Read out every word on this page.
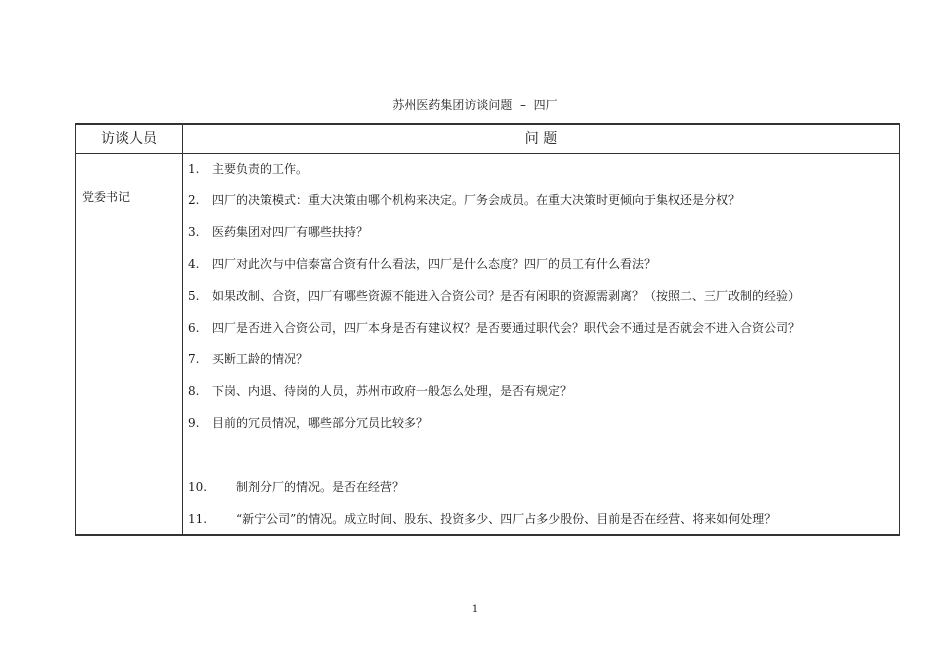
苏州医药集团访谈问题  –  四厂
访谈人员	问 题
党委书记
1. 主要负责的工作。
2. 四厂的决策模式：重大决策由哪个机构来决定。厂务会成员。在重大决策时更倾向于集权还是分权？
3. 医药集团对四厂有哪些扶持？
4. 四厂对此次与中信泰富合资有什么看法，四厂是什么态度？四厂的员工有什么看法？
5. 如果改制、合资，四厂有哪些资源不能进入合资公司？是否有闲职的资源需剥离？（按照二、三厂改制的经验）
6. 四厂是否进入合资公司，四厂本身是否有建议权？是否要通过职代会？职代会不通过是否就会不进入合资公司？
7. 买断工龄的情况？
8. 下岗、内退、待岗的人员，苏州市政府一般怎么处理，是否有规定？
9. 目前的冗员情况，哪些部分冗员比较多？
10. 制剂分厂的情况。是否在经营？
11. “新宁公司”的情况。成立时间、股东、投资多少、四厂占多少股份、目前是否在经营、将来如何处理？
1
